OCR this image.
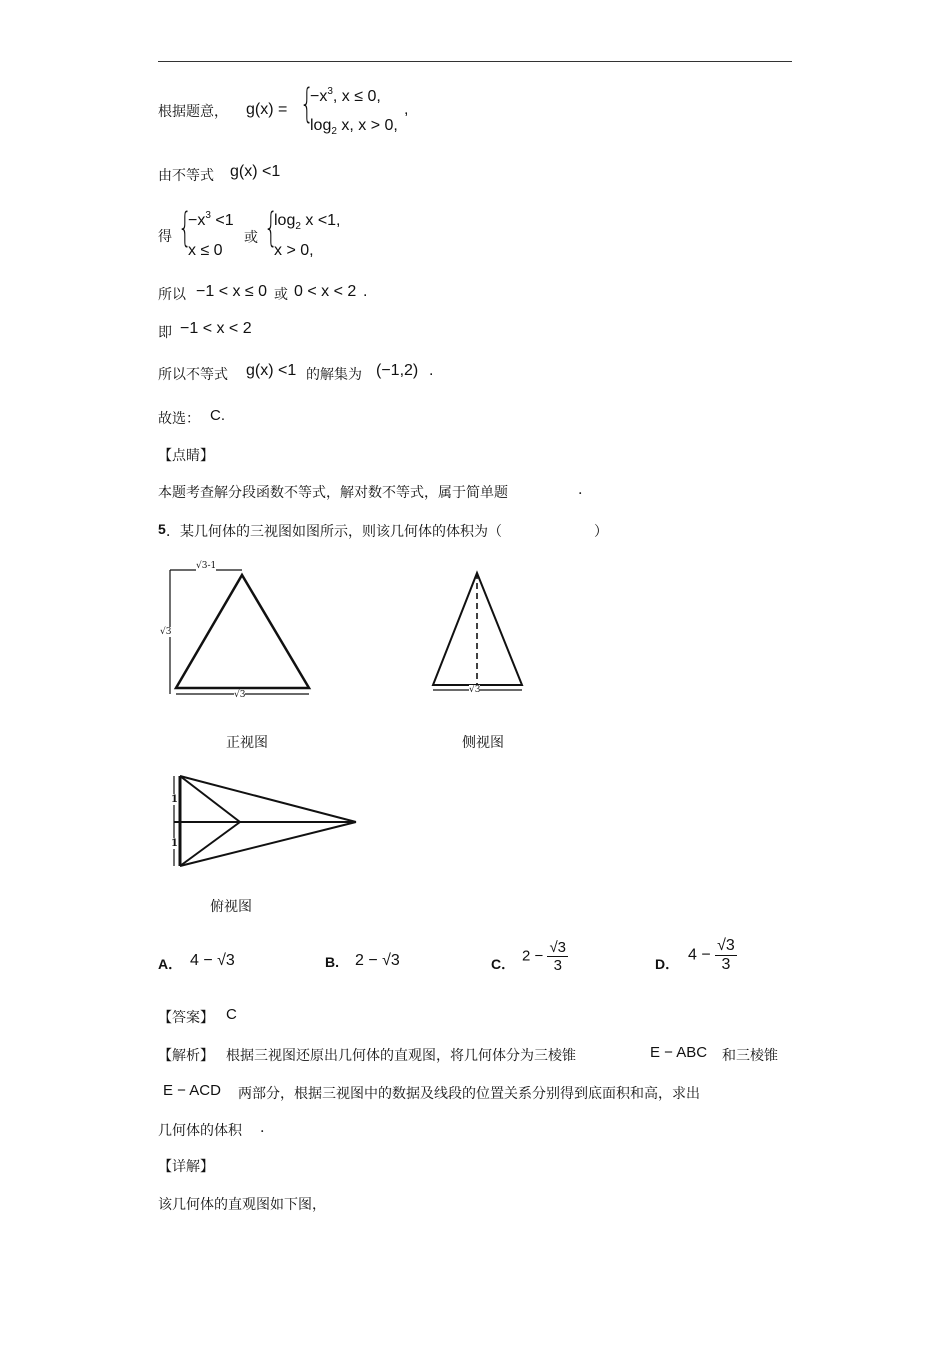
根据题意， g(x) = {
$-x^3$, x ≤ 0,
$\log_2 x$, x > 0,
,
由不等式 g(x) <1
得 {
$-x^3 <1$
x ≤ 0
或 {
$\log_2 x <1$,
x > 0,
所以 −1 < x ≤ 0 或 0 < x < 2 .
即 −1 < x < 2
所以不等式 g(x) <1 的解集为 (−1,2) .
故选： C.
【点睛】
本题考查解分段函数不等式，解对数不等式，属于简单题	.
5 ．某几何体的三视图如图所示，则该几何体的体积为（	）
√3-1
√3
√3	√3
1
1
正视图	侧视图
俯视图
A． 4 − √3	B. 2 − √3	C． $2 - \frac{√3}{3}$	D．
$4 - \frac{√3}{3}$
【答案】 C
【解析】 根据三视图还原出几何体的直观图，将几何体分为三棱锥	E − ABC 和三棱锥
E − ACD 两部分，根据三视图中的数据及线段的位置关系分别得到底面积和高，求出
几何体的体积 .
【详解】
该几何体的直观图如下图，
